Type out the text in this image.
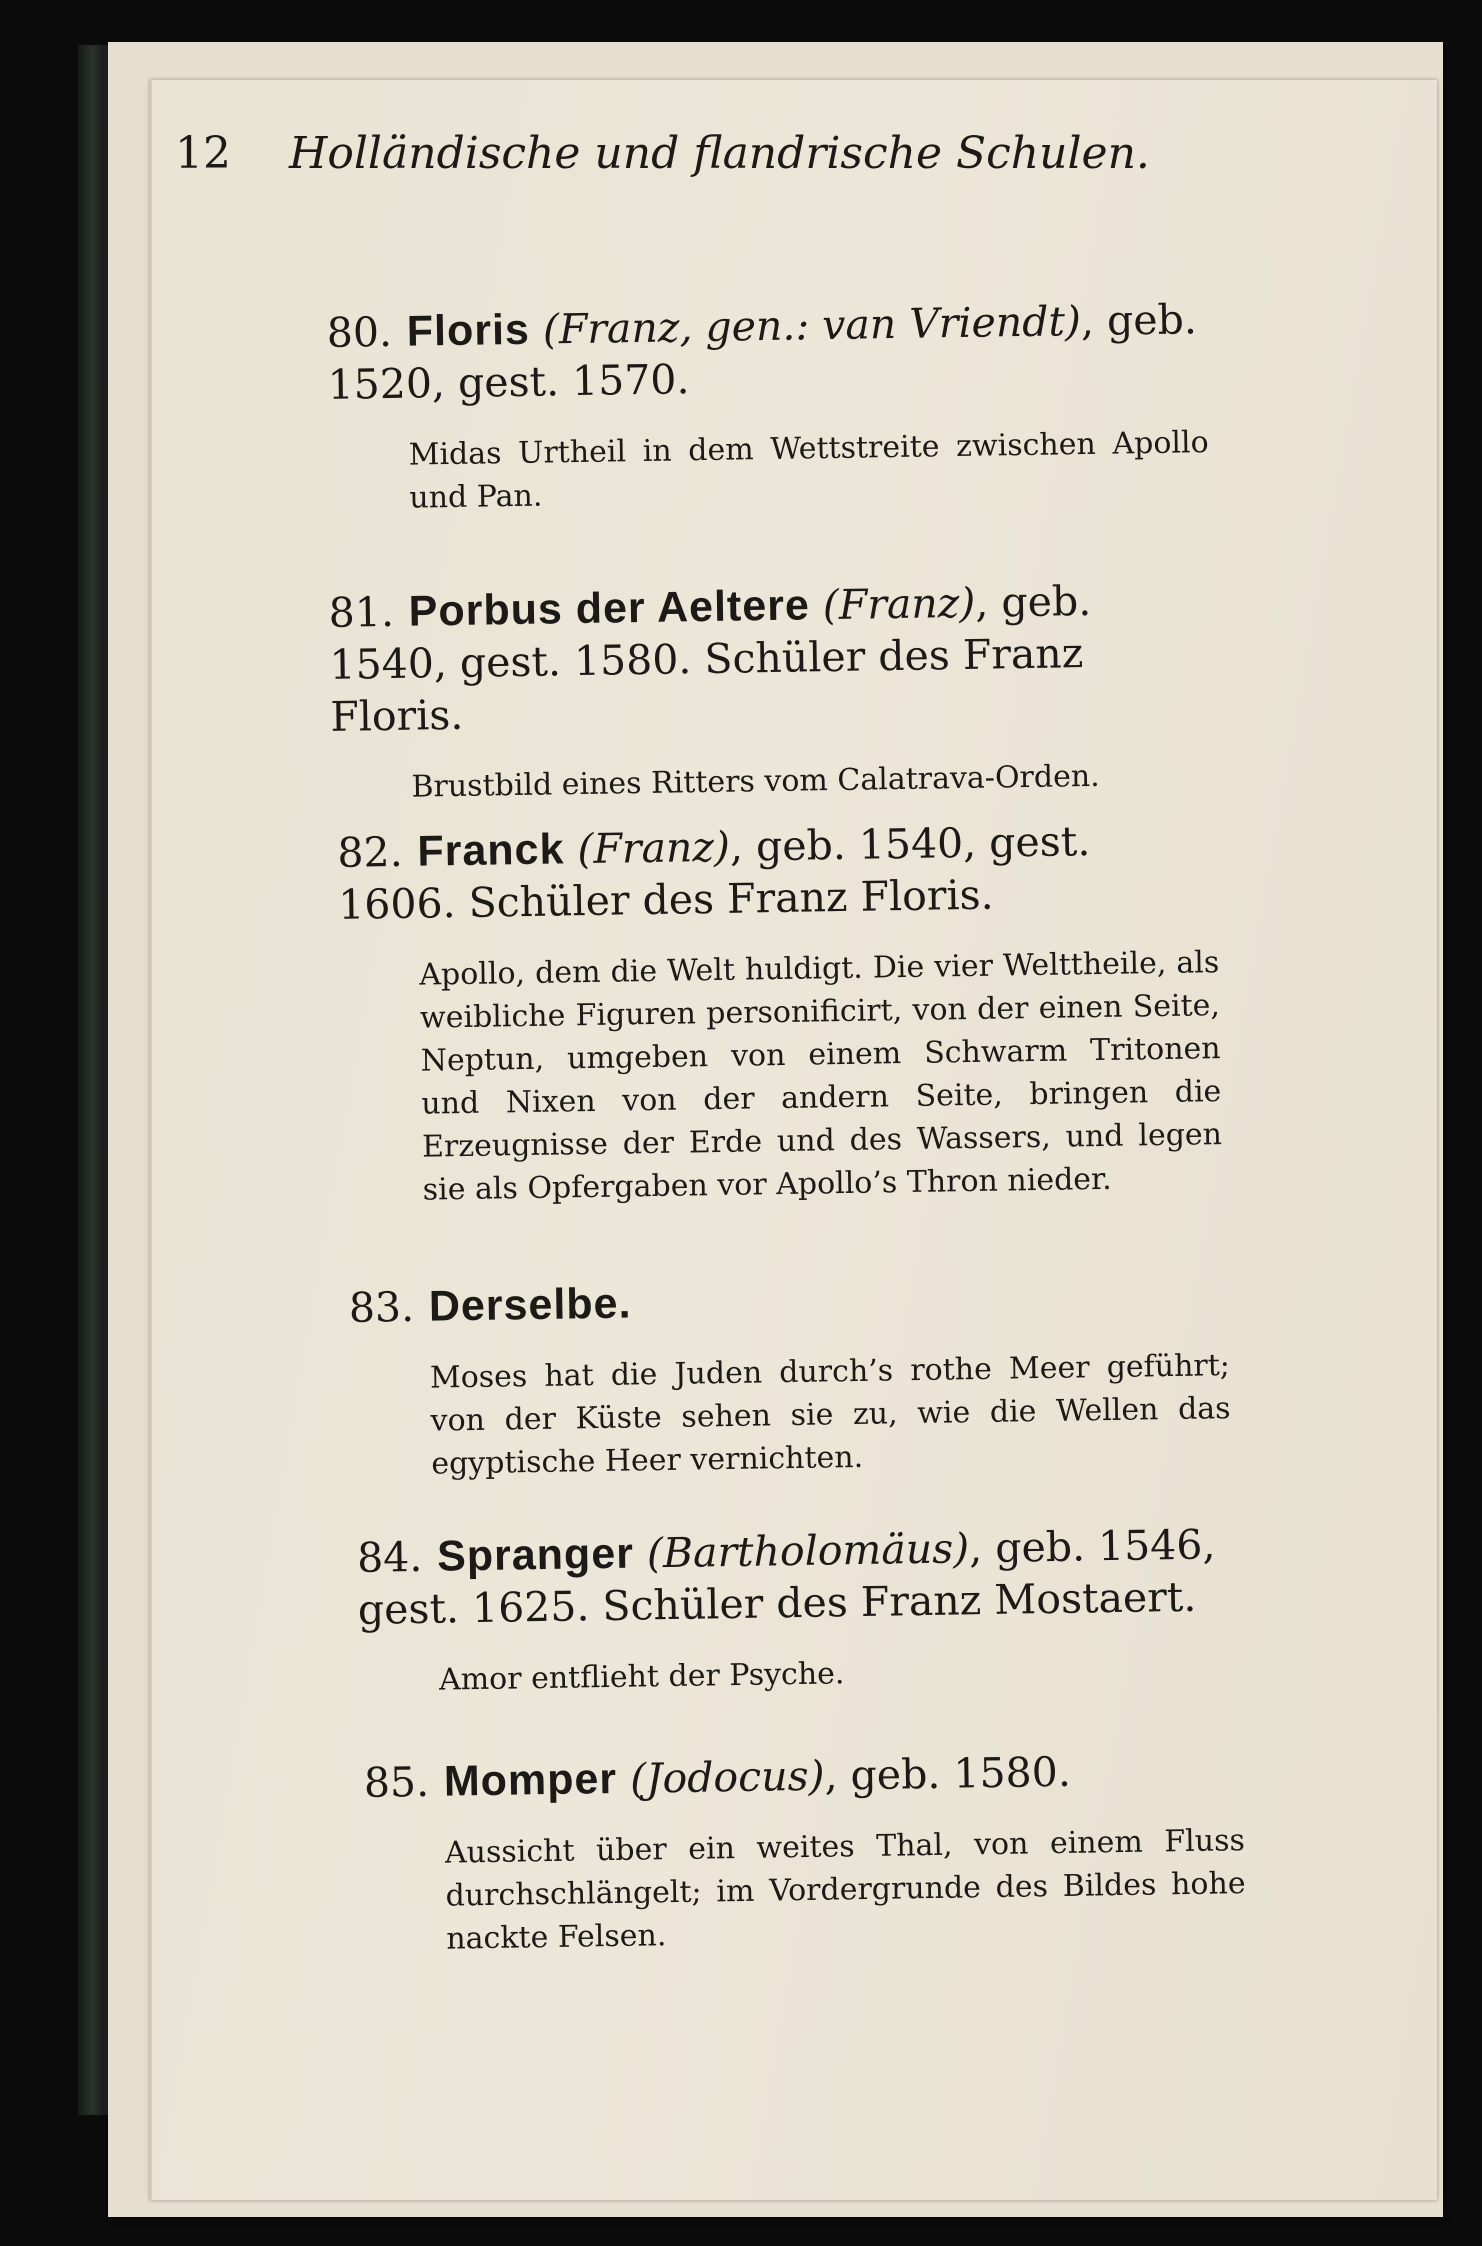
12 Holländische und flandrische Schulen.

80. Floris (Franz, gen.: van Vriendt), geb. 1520, gest. 1570.

Midas Urtheil in dem Wettstreite zwischen Apollo und Pan.

81. Porbus der Aeltere (Franz), geb. 1540, gest. 1580. Schüler des Franz Floris.

Brustbild eines Ritters vom Calatrava-Orden.

82. Franck (Franz), geb. 1540, gest. 1606. Schüler des Franz Floris.

Apollo, dem die Welt huldigt. Die vier Welttheile, als weibliche Figuren personificirt, von der einen Seite, Neptun, umgeben von einem Schwarm Tritonen und Nixen von der andern Seite, bringen die Erzeugnisse der Erde und des Wassers, und legen sie als Opfergaben vor Apollo’s Thron nieder.

83. Derselbe.

Moses hat die Juden durch’s rothe Meer geführt; von der Küste sehen sie zu, wie die Wellen das egyptische Heer vernichten.

84. Spranger (Bartholomäus), geb. 1546, gest. 1625. Schüler des Franz Mostaert.

Amor entflieht der Psyche.

85. Momper (Jodocus), geb. 1580.

Aussicht über ein weites Thal, von einem Fluss durchschlängelt; im Vordergrunde des Bildes hohe nackte Felsen.
